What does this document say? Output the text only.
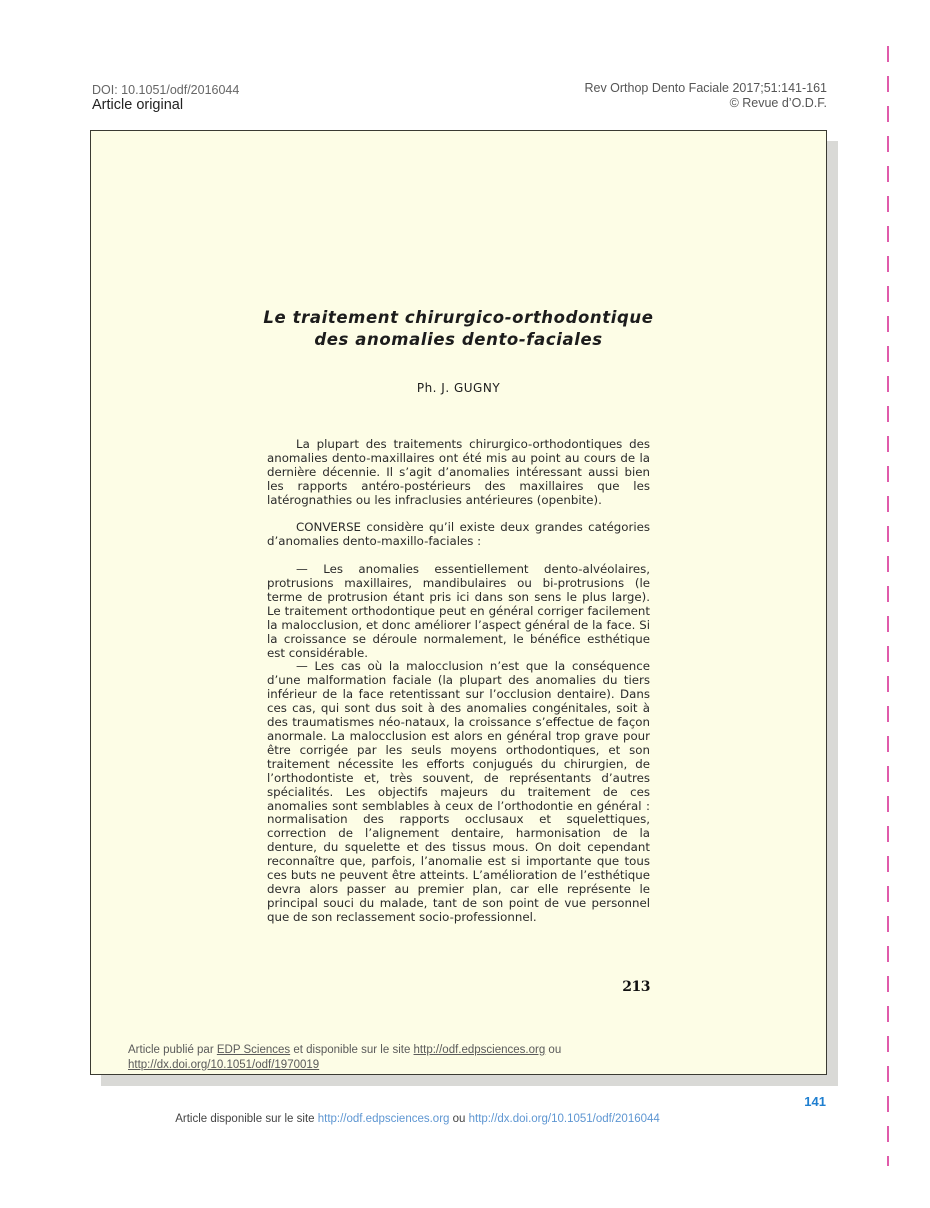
DOI: 10.1051/odf/2016044
Article original
Rev Orthop Dento Faciale 2017;51:141-161
© Revue d’O.D.F.
Le traitement chirurgico-orthodontique
des anomalies dento-faciales
Ph. J. GUGNY

La plupart des traitements chirurgico-orthodontiques des anomalies dento-maxillaires ont été mis au point au cours de la dernière décennie. Il s’agit d’anomalies intéressant aussi bien les rapports antéro-postérieurs des maxillaires que les latérognathies ou les infraclusies antérieures (openbite).

CONVERSE considère qu’il existe deux grandes catégories d’anomalies dento-maxillo-faciales :

— Les anomalies essentiellement dento-alvéolaires, protrusions maxillaires, mandibulaires ou bi-protrusions (le terme de protrusion étant pris ici dans son sens le plus large). Le traitement orthodontique peut en général corriger facilement la malocclusion, et donc améliorer l’aspect général de la face. Si la croissance se déroule normalement, le bénéfice esthétique est considérable.

— Les cas où la malocclusion n’est que la conséquence d’une malformation faciale (la plupart des anomalies du tiers inférieur de la face retentissant sur l’occlusion dentaire). Dans ces cas, qui sont dus soit à des anomalies congénitales, soit à des traumatismes néo-nataux, la croissance s’effectue de façon anormale. La malocclusion est alors en général trop grave pour être corrigée par les seuls moyens orthodontiques, et son traitement nécessite les efforts conjugués du chirurgien, de l’orthodontiste et, très souvent, de représentants d’autres spécialités. Les objectifs majeurs du traitement de ces anomalies sont semblables à ceux de l’orthodontie en général : normalisation des rapports occlusaux et squelettiques, correction de l’alignement dentaire, harmonisation de la denture, du squelette et des tissus mous. On doit cependant reconnaître que, parfois, l’anomalie est si importante que tous ces buts ne peuvent être atteints. L’amélioration de l’esthétique devra alors passer au premier plan, car elle représente le principal souci du malade, tant de son point de vue personnel que de son reclassement socio-professionnel.

213
Article publié par EDP Sciences et disponible sur le site http://odf.edpsciences.org ou
http://dx.doi.org/10.1051/odf/1970019
141
Article disponible sur le site http://odf.edpsciences.org ou http://dx.doi.org/10.1051/odf/2016044
